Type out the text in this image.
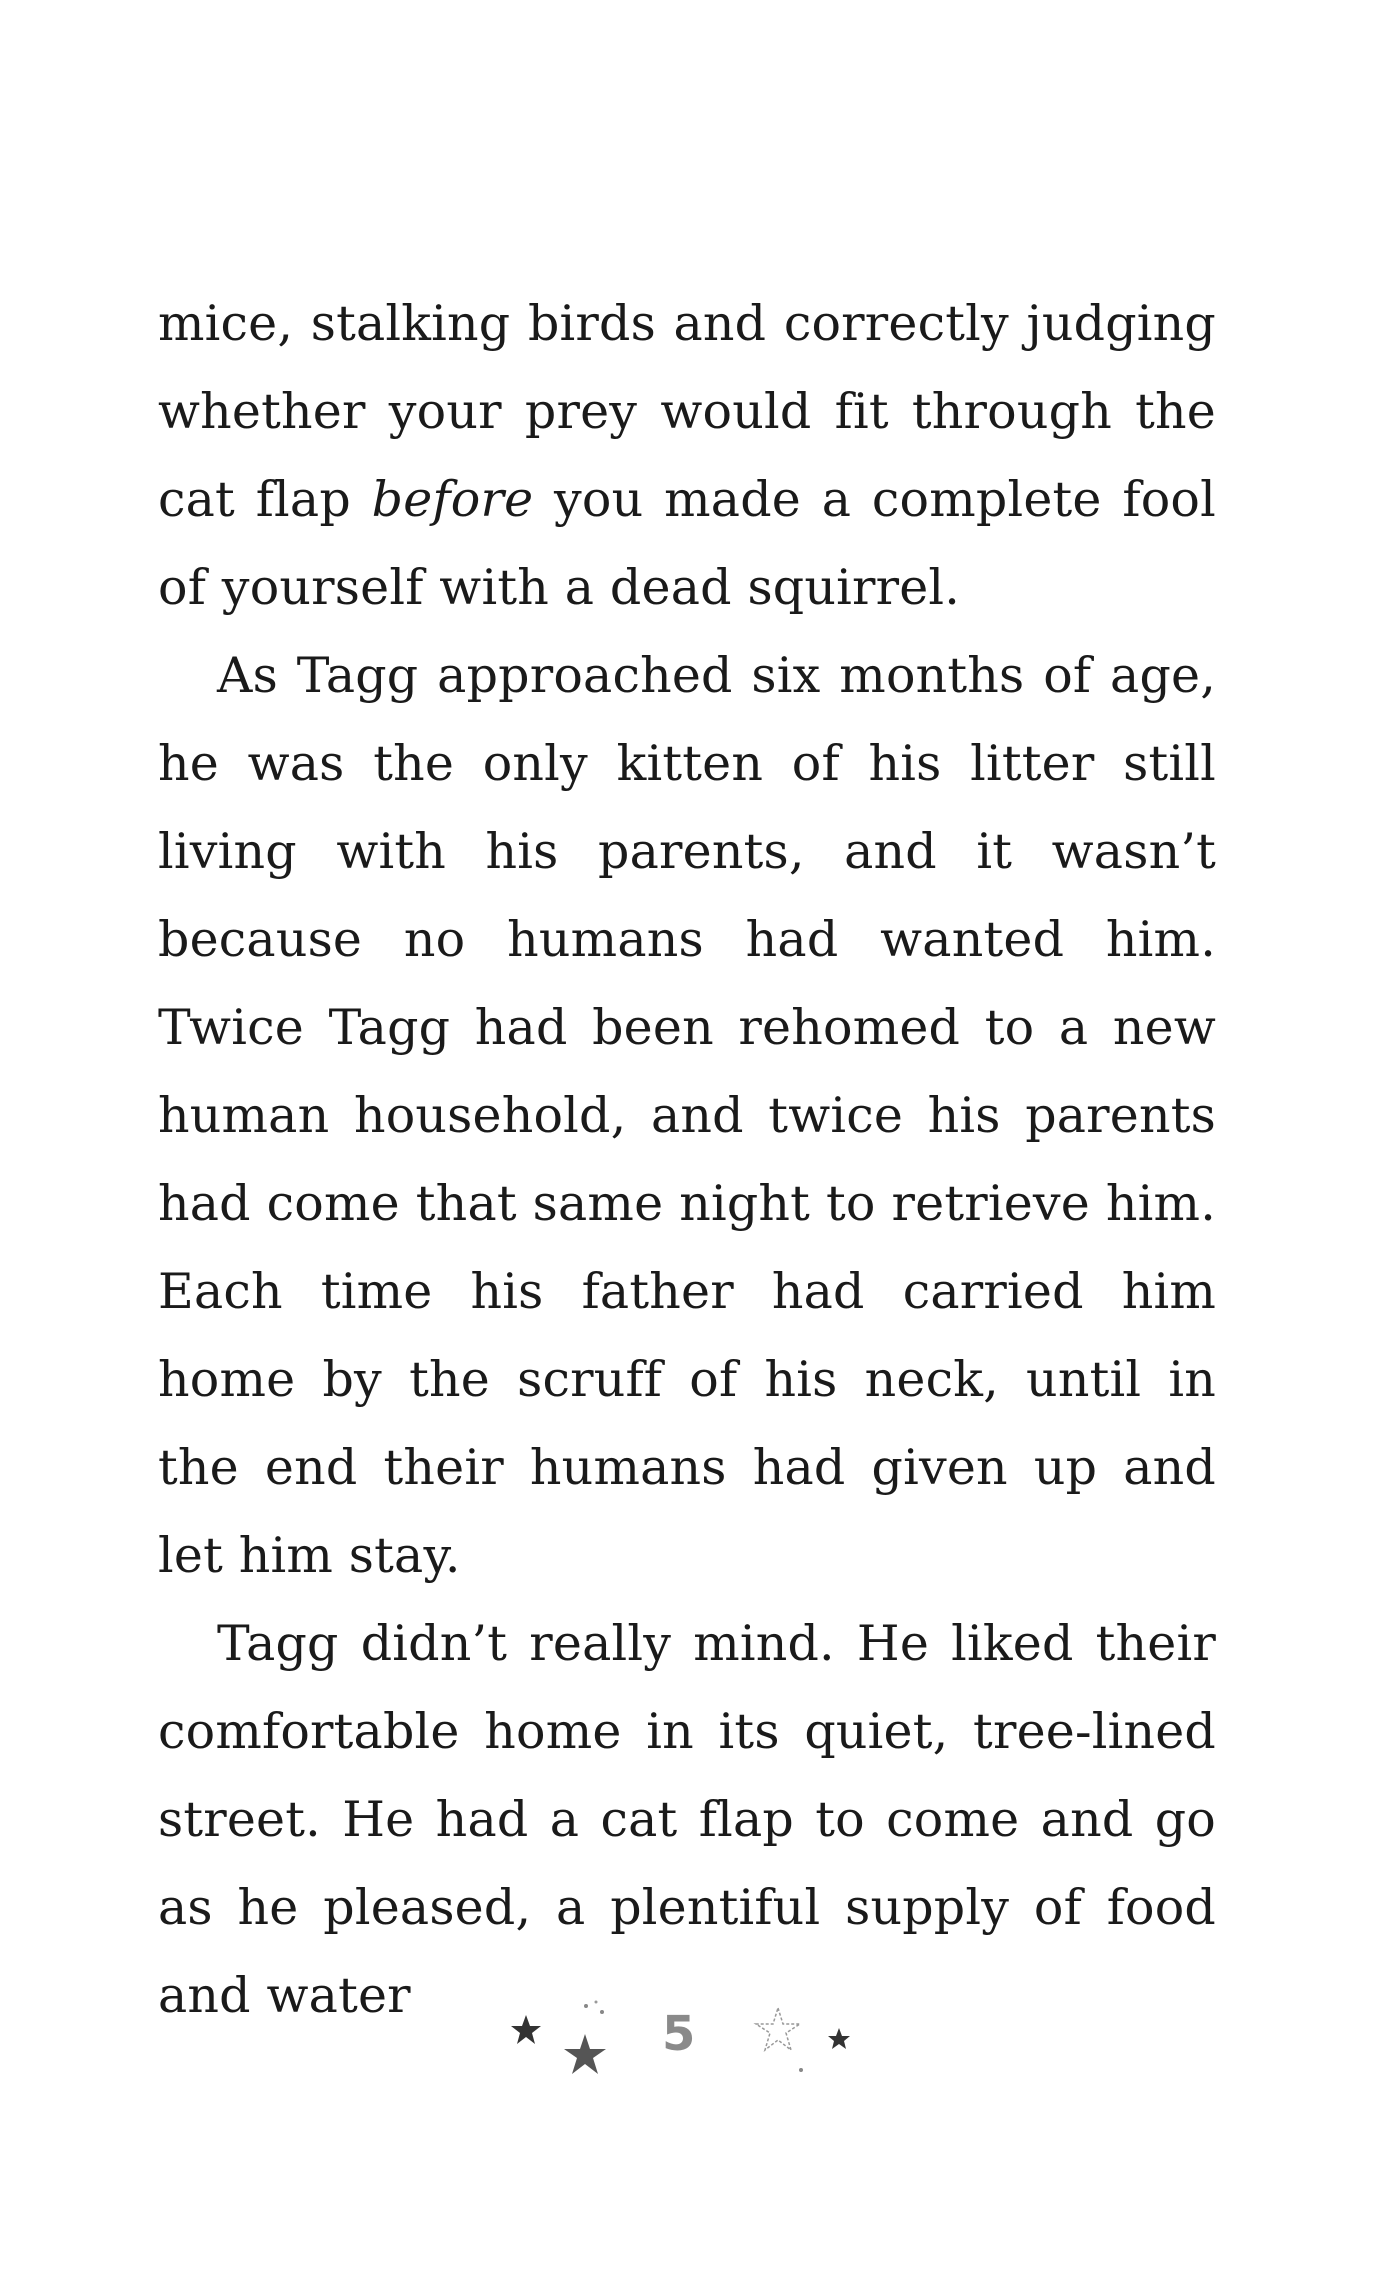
mice, stalking birds and correctly judging whether your prey would fit through the cat flap before you made a complete fool of yourself with a dead squirrel.

As Tagg approached six months of age, he was the only kitten of his litter still living with his parents, and it wasn’t because no humans had wanted him. Twice Tagg had been rehomed to a new human household, and twice his parents had come that same night to retrieve him. Each time his father had carried him home by the scruff of his neck, until in the end their humans had given up and let him stay.

Tagg didn’t really mind. He liked their comfortable home in its quiet, tree-lined street. He had a cat flap to come and go as he pleased, a plentiful supply of food and water

5
